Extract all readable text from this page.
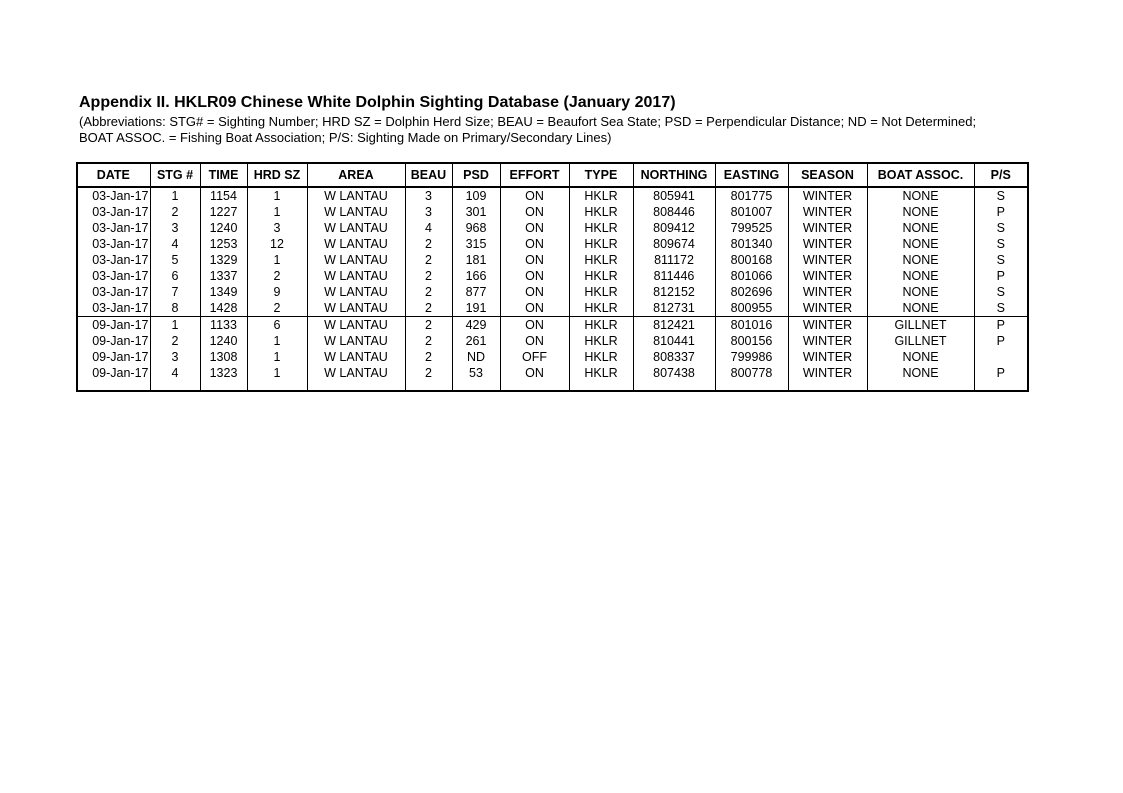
Appendix II. HKLR09 Chinese White Dolphin Sighting Database (January 2017)
(Abbreviations: STG# = Sighting Number; HRD SZ = Dolphin Herd Size; BEAU = Beaufort Sea State; PSD = Perpendicular Distance; ND = Not Determined;
BOAT ASSOC. = Fishing Boat Association; P/S: Sighting Made on Primary/Secondary Lines)
DATE	STG #	TIME	HRD SZ	AREA	BEAU	PSD	EFFORT	TYPE	NORTHING	EASTING	SEASON	BOAT ASSOC.	P/S
03-Jan-17	1	1154	1	W LANTAU	3	109	ON	HKLR	805941	801775	WINTER	NONE	S
03-Jan-17	2	1227	1	W LANTAU	3	301	ON	HKLR	808446	801007	WINTER	NONE	P
03-Jan-17	3	1240	3	W LANTAU	4	968	ON	HKLR	809412	799525	WINTER	NONE	S
03-Jan-17	4	1253	12	W LANTAU	2	315	ON	HKLR	809674	801340	WINTER	NONE	S
03-Jan-17	5	1329	1	W LANTAU	2	181	ON	HKLR	811172	800168	WINTER	NONE	S
03-Jan-17	6	1337	2	W LANTAU	2	166	ON	HKLR	811446	801066	WINTER	NONE	P
03-Jan-17	7	1349	9	W LANTAU	2	877	ON	HKLR	812152	802696	WINTER	NONE	S
03-Jan-17	8	1428	2	W LANTAU	2	191	ON	HKLR	812731	800955	WINTER	NONE	S
09-Jan-17	1	1133	6	W LANTAU	2	429	ON	HKLR	812421	801016	WINTER	GILLNET	P
09-Jan-17	2	1240	1	W LANTAU	2	261	ON	HKLR	810441	800156	WINTER	GILLNET	P
09-Jan-17	3	1308	1	W LANTAU	2	ND	OFF	HKLR	808337	799986	WINTER	NONE	
09-Jan-17	4	1323	1	W LANTAU	2	53	ON	HKLR	807438	800778	WINTER	NONE	P
